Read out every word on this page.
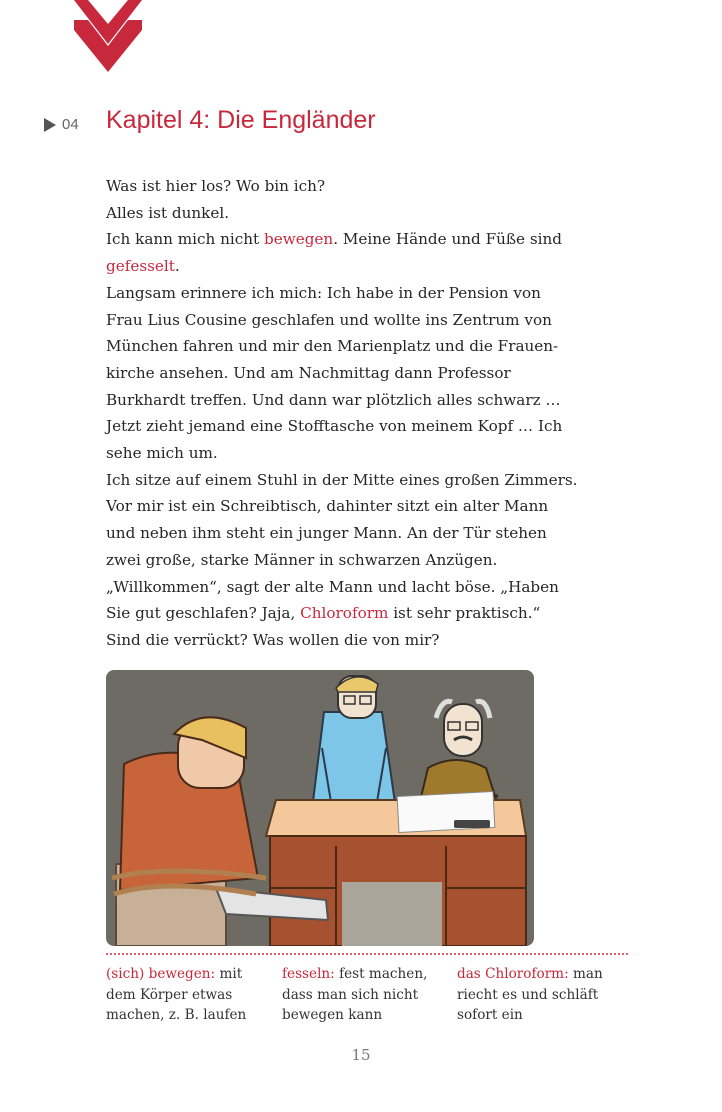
04 Kapitel 4: Die Engländer

Was ist hier los? Wo bin ich?

Alles ist dunkel.

Ich kann mich nicht bewegen. Meine Hände und Füße sind

gefesselt.

Langsam erinnere ich mich: Ich habe in der Pension von

Frau Lius Cousine geschlafen und wollte ins Zentrum von

München fahren und mir den Marienplatz und die Frauen-

kirche ansehen. Und am Nachmittag dann Professor

Burkhardt treffen. Und dann war plötzlich alles schwarz …

Jetzt zieht jemand eine Stofftasche von meinem Kopf … Ich

sehe mich um.

Ich sitze auf einem Stuhl in der Mitte eines großen Zimmers.

Vor mir ist ein Schreibtisch, dahinter sitzt ein alter Mann

und neben ihm steht ein junger Mann. An der Tür stehen

zwei große, starke Männer in schwarzen Anzügen.

„Willkommen“, sagt der alte Mann und lacht böse. „Haben

Sie gut geschlafen? Jaja, Chloroform ist sehr praktisch.“

Sind die verrückt? Was wollen die von mir?

(sich) bewegen: mit
dem Körper etwas
machen, z. B. laufen
fesseln: fest machen,
dass man sich nicht
bewegen kann
das Chloroform: man
riecht es und schläft
sofort ein
15
